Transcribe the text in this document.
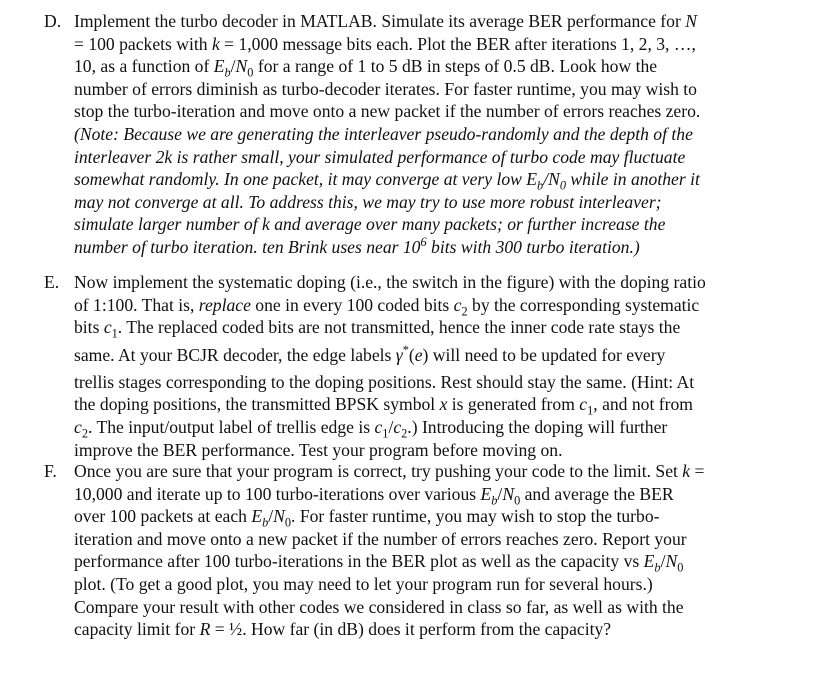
D. Implement the turbo decoder in MATLAB. Simulate its average BER performance for N
= 100 packets with k = 1,000 message bits each. Plot the BER after iterations 1, 2, 3, …,
10, as a function of $E_b/N_0$ for a range of 1 to 5 dB in steps of 0.5 dB. Look how the
number of errors diminish as turbo-decoder iterates. For faster runtime, you may wish to
stop the turbo-iteration and move onto a new packet if the number of errors reaches zero.
(Note: Because we are generating the interleaver pseudo-randomly and the depth of the
interleaver 2k is rather small, your simulated performance of turbo code may fluctuate
somewhat randomly. In one packet, it may converge at very low $E_b/N_0$ while in another it
may not converge at all. To address this, we may try to use more robust interleaver;
simulate larger number of k and average over many packets; or further increase the
number of turbo iteration. ten Brink uses near $10^6$ bits with 300 turbo iteration.)
E. Now implement the systematic doping (i.e., the switch in the figure) with the doping ratio
of 1:100. That is, replace one in every 100 coded bits $c_2$ by the corresponding systematic
bits $c_1$. The replaced coded bits are not transmitted, hence the inner code rate stays the
same. At your BCJR decoder, the edge labels γ*(e) will need to be updated for every
trellis stages corresponding to the doping positions. Rest should stay the same. (Hint: At
the doping positions, the transmitted BPSK symbol x is generated from $c_1$, and not from
$c_2$. The input/output label of trellis edge is $c_1/c_2$.) Introducing the doping will further
improve the BER performance. Test your program before moving on.
F. Once you are sure that your program is correct, try pushing your code to the limit. Set k =
10,000 and iterate up to 100 turbo-iterations over various $E_b/N_0$ and average the BER
over 100 packets at each $E_b/N_0$. For faster runtime, you may wish to stop the turbo-
iteration and move onto a new packet if the number of errors reaches zero. Report your
performance after 100 turbo-iterations in the BER plot as well as the capacity vs $E_b/N_0$
plot. (To get a good plot, you may need to let your program run for several hours.)
Compare your result with other codes we considered in class so far, as well as with the
capacity limit for R = ½. How far (in dB) does it perform from the capacity?
